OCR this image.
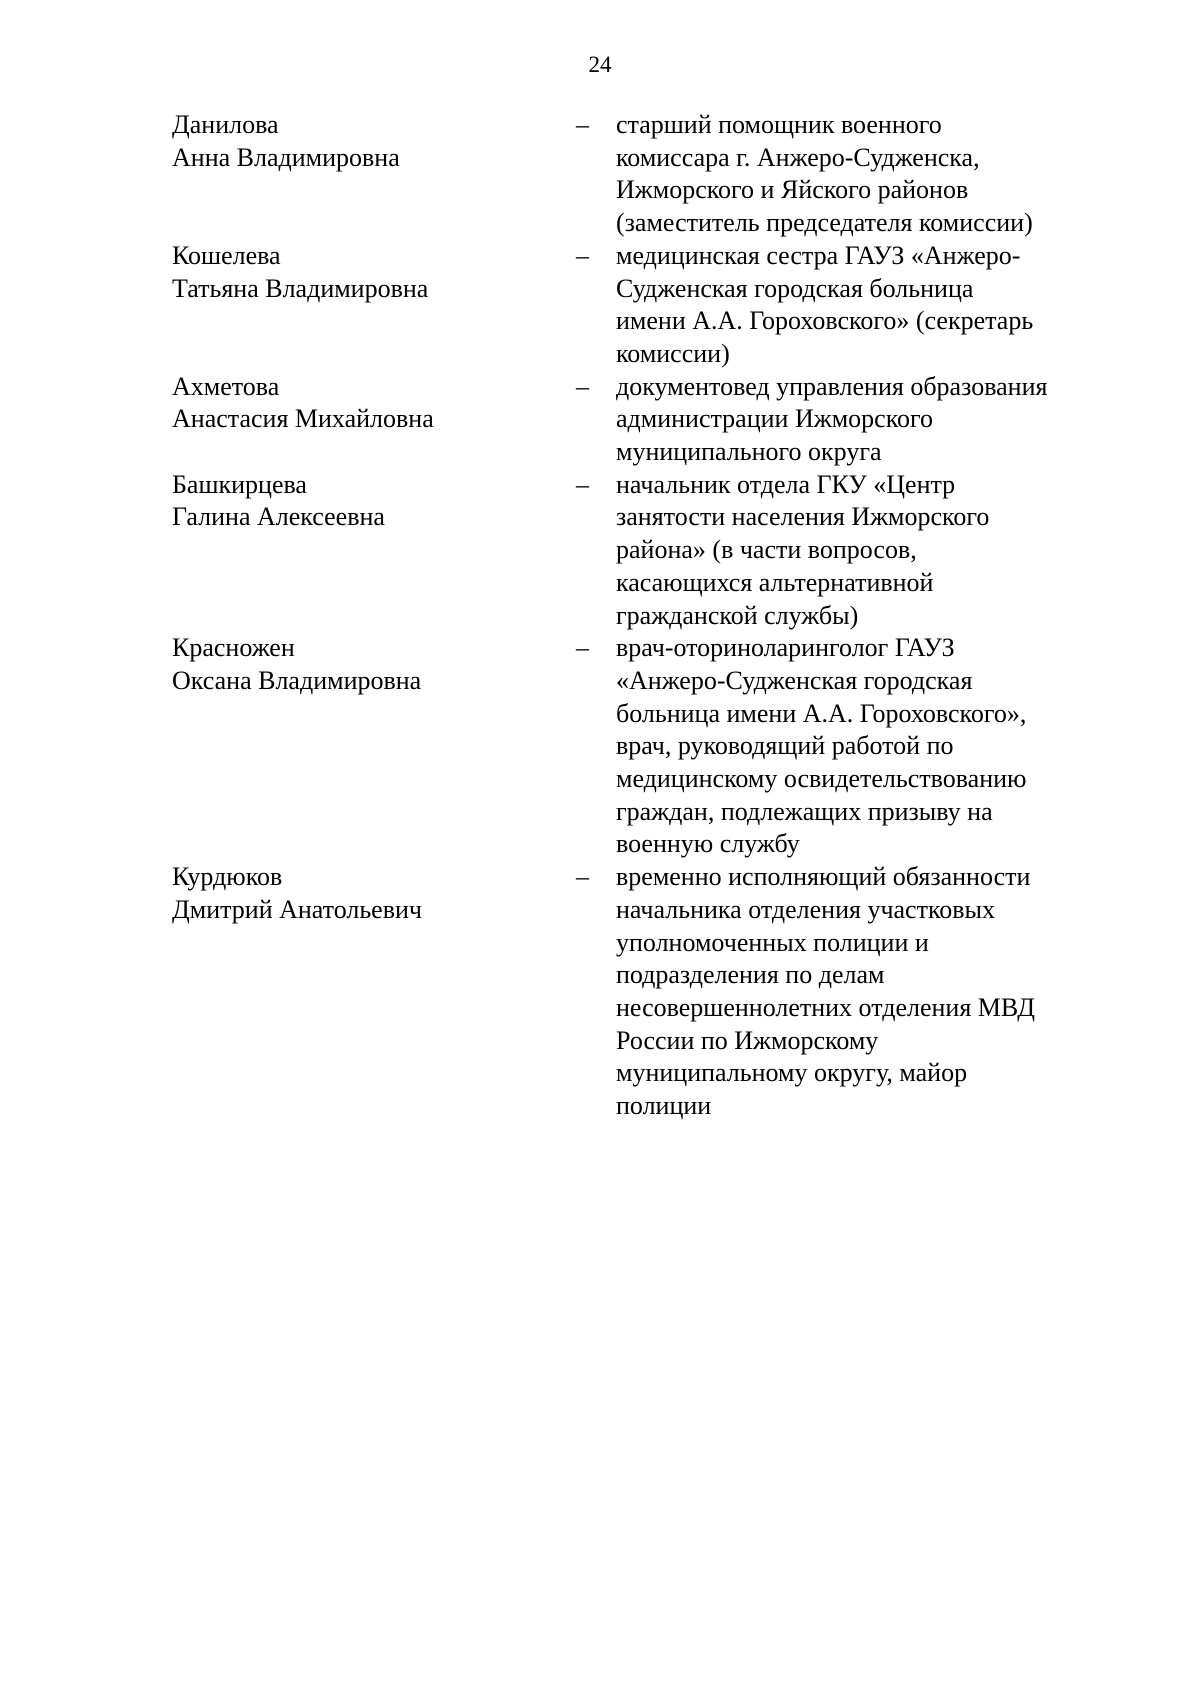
24
Данилова
Анна Владимировна
–	старший помощник военного
комиссара г. Анжеро-Судженска,
Ижморского и Яйского районов
(заместитель председателя комиссии)
Кошелева
Татьяна Владимировна
–	медицинская сестра ГАУЗ «Анжеро-
Судженская городская больница
имени А.А. Гороховского» (секретарь
комиссии)
Ахметова
Анастасия Михайловна
–	документовед управления образования
администрации Ижморского
муниципального округа
Башкирцева
Галина Алексеевна
–	начальник отдела ГКУ «Центр
занятости населения Ижморского
района» (в части вопросов,
касающихся альтернативной
гражданской службы)
Красножен
Оксана Владимировна
–	врач-оториноларинголог ГАУЗ
«Анжеро-Судженская городская
больница имени А.А. Гороховского»,
врач, руководящий работой по
медицинскому освидетельствованию
граждан, подлежащих призыву на
военную службу
Курдюков
Дмитрий Анатольевич
–	временно исполняющий обязанности
начальника отделения участковых
уполномоченных полиции и
подразделения по делам
несовершеннолетних отделения МВД
России по Ижморскому
муниципальному округу, майор
полиции
